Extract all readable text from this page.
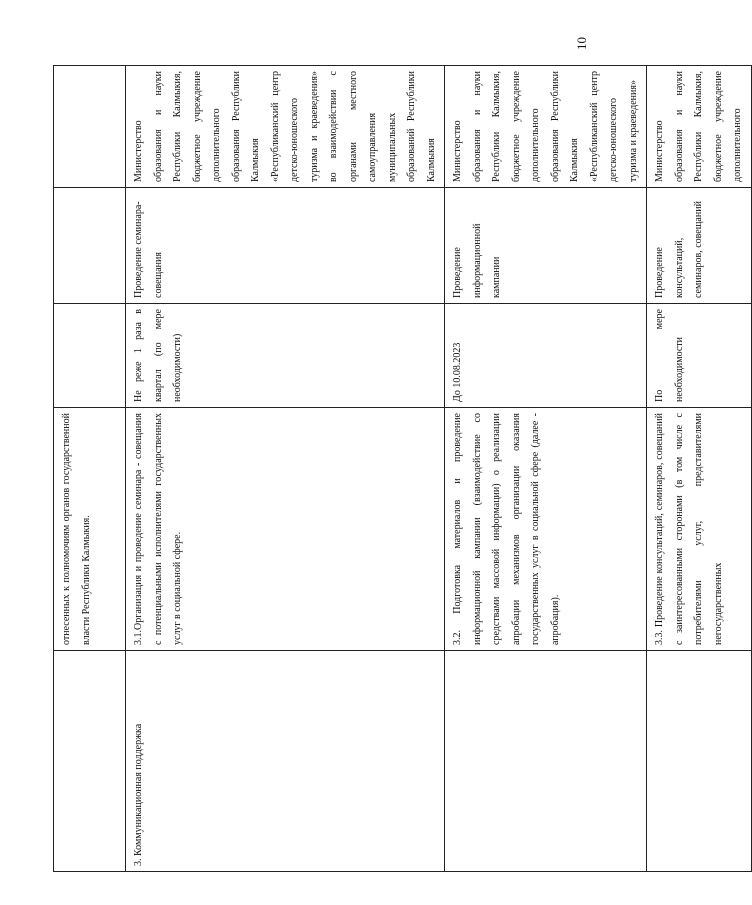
	отнесенных к полномочиям органов государственной власти Республики Калмыкия.			
3. Коммуникационная поддержка	3.1.Организация и проведение семинара - совещания с потенциальными исполнителями государственных услуг в социальной сфере.	Не реже 1 раза в квартал (по мере необходимости)	Проведение семинара-совещания	Министерство образования и науки Республики Калмыкия, бюджетное учреждение дополнительного образования Республики Калмыкия «Республиканский центр детско-юношеского туризма и краеведения» во взаимодействии с органами местного самоуправления муниципальных образований Республики Калмыкия
	3.2. Подготовка материалов и проведение информационной кампании (взаимодействие со средствами массовой информации) о реализации апробации механизмов организации оказания государственных услуг в социальной сфере (далее - апробация).	До 10.08.2023	Проведение информационной кампании	Министерство образования и науки Республики Калмыкия, бюджетное учреждение дополнительного образования Республики Калмыкия «Республиканский центр детско-юношеского туризма и краеведения»
	3.3. Проведение консультаций, семинаров, совещаний с заинтересованными сторонами (в том числе с потребителями услуг, представителями негосударственных	По мере необходимости	Проведение консультаций, семинаров, совещаний	Министерство образования и науки Республики Калмыкия, бюджетное учреждение дополнительного
10
